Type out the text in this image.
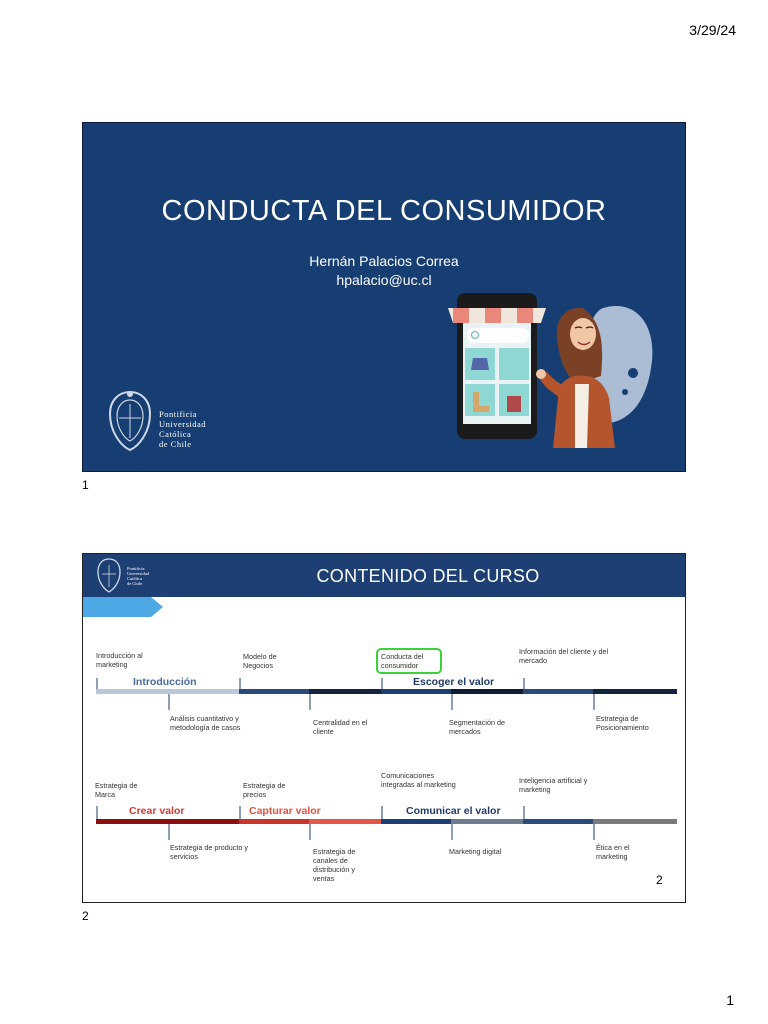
3/29/24
CONDUCTA DEL CONSUMIDOR
Hernán Palacios Correa
hpalacio@uc.cl
Pontificia
Universidad
Católica
de Chile
1
Pontificia
Universidad
Católica
de Chile	CONTENIDO DEL CURSO
Introducción al marketing
Modelo de Negocios
Conducta del consumidor
Información del cliente y del mercado
Introducción	Escoger el valor
Análisis cuantitativo y metodología de casos
Centralidad en el cliente
Segmentación de mercados
Estrategia de Posicionamiento
Estrategia de Marca
Estrategia de precios
Comunicaciones integradas al marketing	Inteligencia artificial y marketing
Crear valor	Capturar valor	Comunicar el valor
Estrategia de producto y servicios
Estrategia de canales de distribución y ventas
Marketing digital	Ética en el marketing
2
2
1
